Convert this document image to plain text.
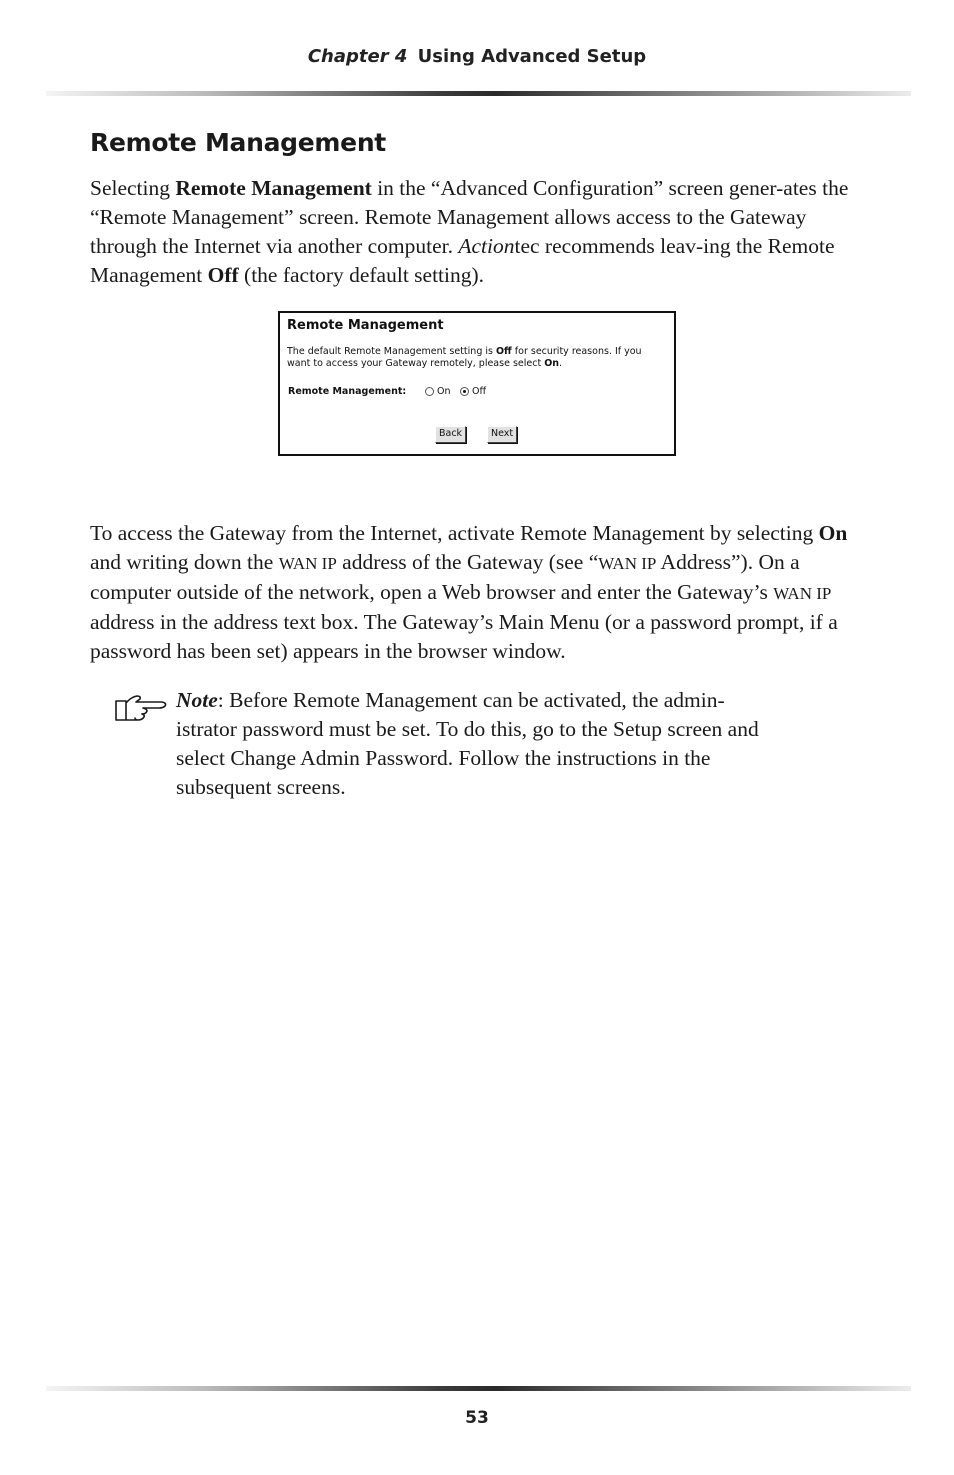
Chapter 4 Using Advanced Setup
Remote Management

Selecting Remote Management in the “Advanced Configuration” screen gener-ates the “Remote Management” screen. Remote Management allows access to the Gateway through the Internet via another computer. Actiontec recommends leav-ing the Remote Management Off (the factory default setting).

Remote Management
The default Remote Management setting is Off for security reasons. If you want to access your Gateway remotely, please select On.
Remote Management:	On Off
Back	Next

To access the Gateway from the Internet, activate Remote Management by selecting On and writing down the WAN IP address of the Gateway (see “WAN IP Address”). On a computer outside of the network, open a Web browser and enter the Gateway’s WAN IP address in the address text box. The Gateway’s Main Menu (or a password prompt, if a password has been set) appears in the browser window.

Note: Before Remote Management can be activated, the admin-istrator password must be set. To do this, go to the Setup screen and select Change Admin Password. Follow the instructions in the subsequent screens.

53
